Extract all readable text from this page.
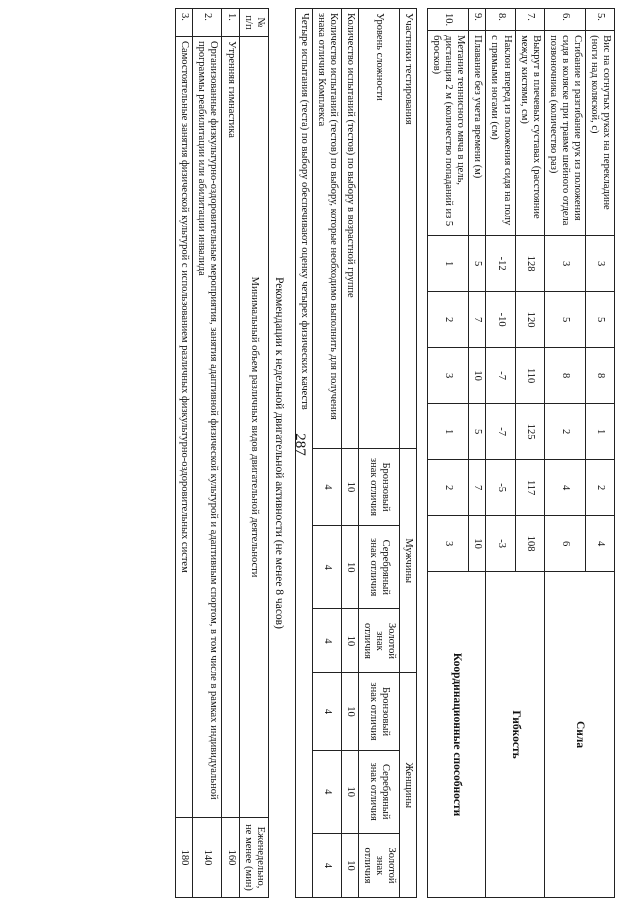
287
5.	Вис на согнутых руках на перекладине (ноги над коляской, с)	3	5	8	1	2	4	Сила
6.	Сгибание и разгибание рук из положения сидя в коляске при травме шейного отдела позвоночника (количество раз)	3	5	8	2	4	6	
7.	Выкрут в плечевых суставах (расстояние между кистями, см)	128	120	110	125	117	108	Гибкость
8.	Наклон вперед из положения сидя на полу с прямыми ногами (см)	-12	-10	-7	-7	-5	-3	
9.	Плавание без учета времени (м)	5	7	10	5	7	10	Координационные способности
10.	Метание теннисного мяча в цель, дистанция 2 м (количество попаданий из 5 бросков)	1	2	3	1	2	3	
Участники тестирования	Мужчины			Женщины		
Уровень сложности	Бронзовый знак отличия	Серебряный знак отличия	Золотой знак отличия	Бронзовый знак отличия	Серебряный знак отличия	Золотой знак отличия
Количество испытаний (тестов) по выбору в возрастной группе	10	10	10	10	10	10
Количество испытаний (тестов) по выбору, которые необходимо выполнить для получения знака отличия Комплекса	4	4	4	4	4	4
Четыре испытания (теста) по выбору обеспечивают оценку четырех физических качеств						
Рекомендации к недельной двигательной активности (не менее 8 часов)
№ п/п	Минимальный объем различных видов двигательной деятельности	Еженедельно, не менее (мин)
1.	Утренняя гимнастика	160
2.	Организованные физкультурно-оздоровительные мероприятия, занятия адаптивной физической культурой и адаптивным спортом, в том числе в рамках индивидуальной программы реабилитации или абилитации инвалида	140
3.	Самостоятельные занятия физической культурой с использованием различных физкультурно-оздоровительных систем	180
